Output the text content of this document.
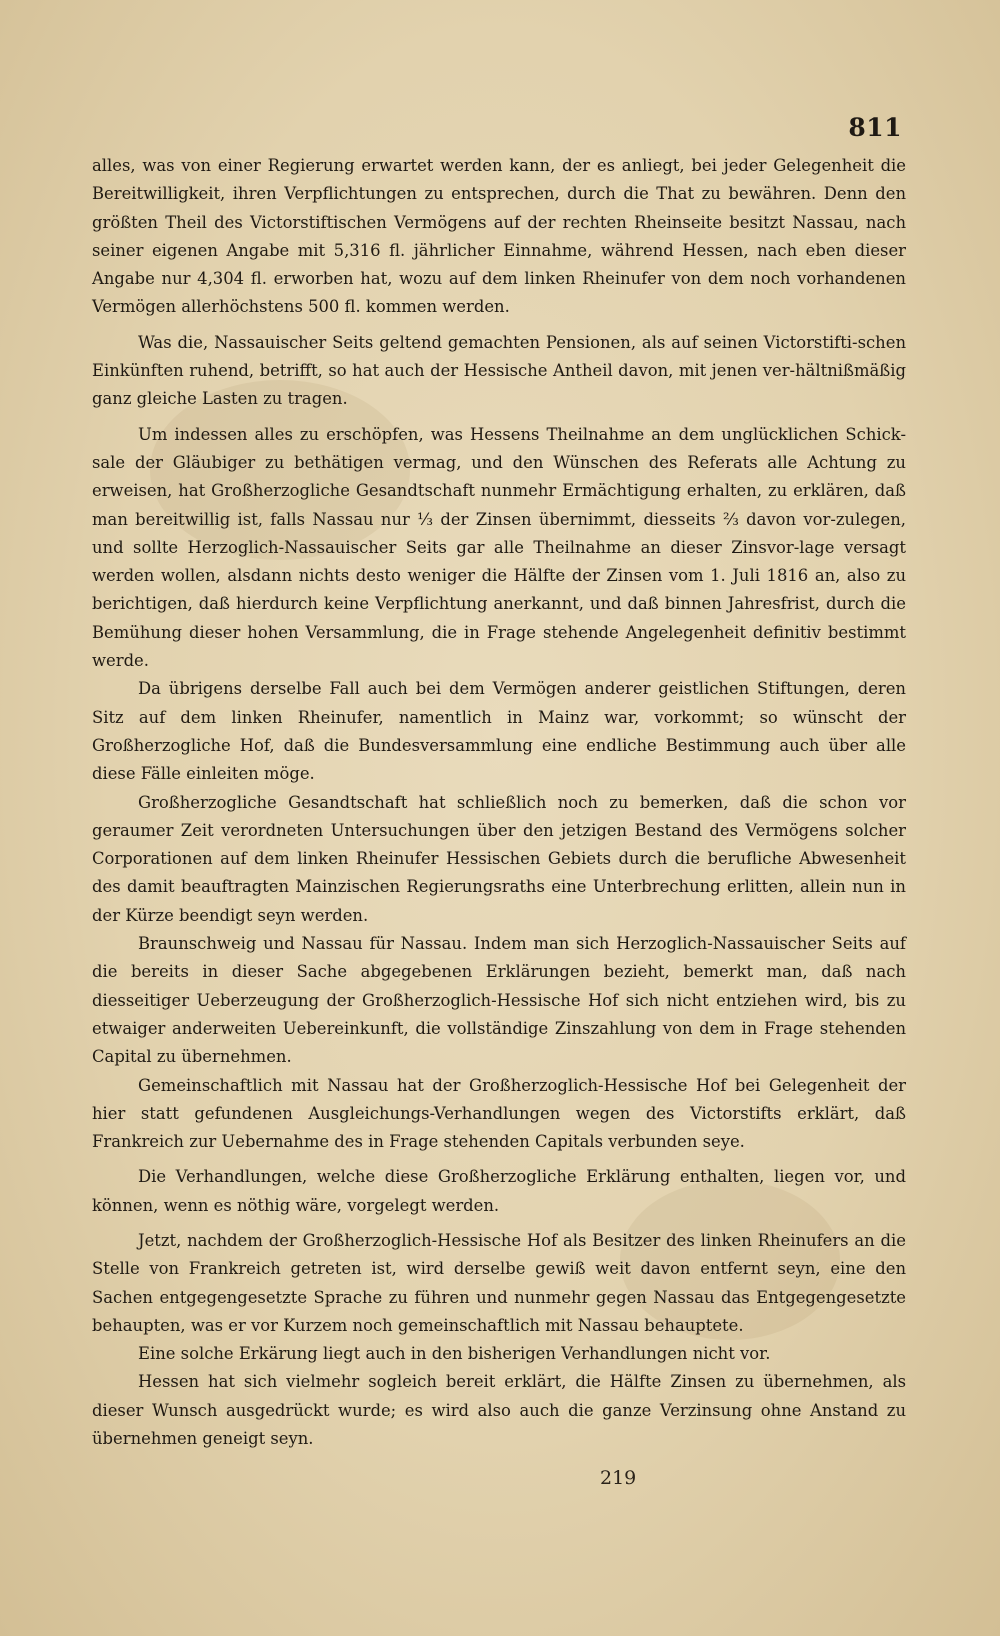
811

alles, was von einer Regierung erwartet werden kann, der es anliegt, bei jeder Gelegenheit die Bereitwilligkeit, ihren Verpflichtungen zu entsprechen, durch die That zu bewähren. Denn den größten Theil des Victorstiftischen Vermögens auf der rechten Rheinseite besitzt Nassau, nach seiner eigenen Angabe mit 5,316 fl. jährlicher Einnahme, während Hessen, nach eben dieser Angabe nur 4,304 fl. erworben hat, wozu auf dem linken Rheinufer von dem noch vorhandenen Vermögen allerhöchstens 500 fl. kommen werden.

Was die, Nassauischer Seits geltend gemachten Pensionen, als auf seinen Victorstifti-schen Einkünften ruhend, betrifft, so hat auch der Hessische Antheil davon, mit jenen ver-hältnißmäßig ganz gleiche Lasten zu tragen.

Um indessen alles zu erschöpfen, was Hessens Theilnahme an dem unglücklichen Schick-sale der Gläubiger zu bethätigen vermag, und den Wünschen des Referats alle Achtung zu erweisen, hat Großherzogliche Gesandtschaft nunmehr Ermächtigung erhalten, zu erklären, daß man bereitwillig ist, falls Nassau nur ⅓ der Zinsen übernimmt, diesseits ⅔ davon vor-zulegen, und sollte Herzoglich-Nassauischer Seits gar alle Theilnahme an dieser Zinsvor-lage versagt werden wollen, alsdann nichts desto weniger die Hälfte der Zinsen vom 1. Juli 1816 an, also zu berichtigen, daß hierdurch keine Verpflichtung anerkannt, und daß binnen Jahresfrist, durch die Bemühung dieser hohen Versammlung, die in Frage stehende Angelegenheit definitiv bestimmt werde.

Da übrigens derselbe Fall auch bei dem Vermögen anderer geistlichen Stiftungen, deren Sitz auf dem linken Rheinufer, namentlich in Mainz war, vorkommt; so wünscht der Großherzogliche Hof, daß die Bundesversammlung eine endliche Bestimmung auch über alle diese Fälle einleiten möge.

Großherzogliche Gesandtschaft hat schließlich noch zu bemerken, daß die schon vor geraumer Zeit verordneten Untersuchungen über den jetzigen Bestand des Vermögens solcher Corporationen auf dem linken Rheinufer Hessischen Gebiets durch die berufliche Abwesenheit des damit beauftragten Mainzischen Regierungsraths eine Unterbrechung erlitten, allein nun in der Kürze beendigt seyn werden.

Braunschweig und Nassau für Nassau. Indem man sich Herzoglich-Nassauischer Seits auf die bereits in dieser Sache abgegebenen Erklärungen bezieht, bemerkt man, daß nach diesseitiger Ueberzeugung der Großherzoglich-Hessische Hof sich nicht entziehen wird, bis zu etwaiger anderweiten Uebereinkunft, die vollständige Zinszahlung von dem in Frage stehenden Capital zu übernehmen.

Gemeinschaftlich mit Nassau hat der Großherzoglich-Hessische Hof bei Gelegenheit der hier statt gefundenen Ausgleichungs-Verhandlungen wegen des Victorstifts erklärt, daß Frankreich zur Uebernahme des in Frage stehenden Capitals verbunden seye.

Die Verhandlungen, welche diese Großherzogliche Erklärung enthalten, liegen vor, und können, wenn es nöthig wäre, vorgelegt werden.

Jetzt, nachdem der Großherzoglich-Hessische Hof als Besitzer des linken Rheinufers an die Stelle von Frankreich getreten ist, wird derselbe gewiß weit davon entfernt seyn, eine den Sachen entgegengesetzte Sprache zu führen und nunmehr gegen Nassau das Entgegengesetzte behaupten, was er vor Kurzem noch gemeinschaftlich mit Nassau behauptete.

Eine solche Erkärung liegt auch in den bisherigen Verhandlungen nicht vor.

Hessen hat sich vielmehr sogleich bereit erklärt, die Hälfte Zinsen zu übernehmen, als dieser Wunsch ausgedrückt wurde; es wird also auch die ganze Verzinsung ohne Anstand zu übernehmen geneigt seyn.

219
